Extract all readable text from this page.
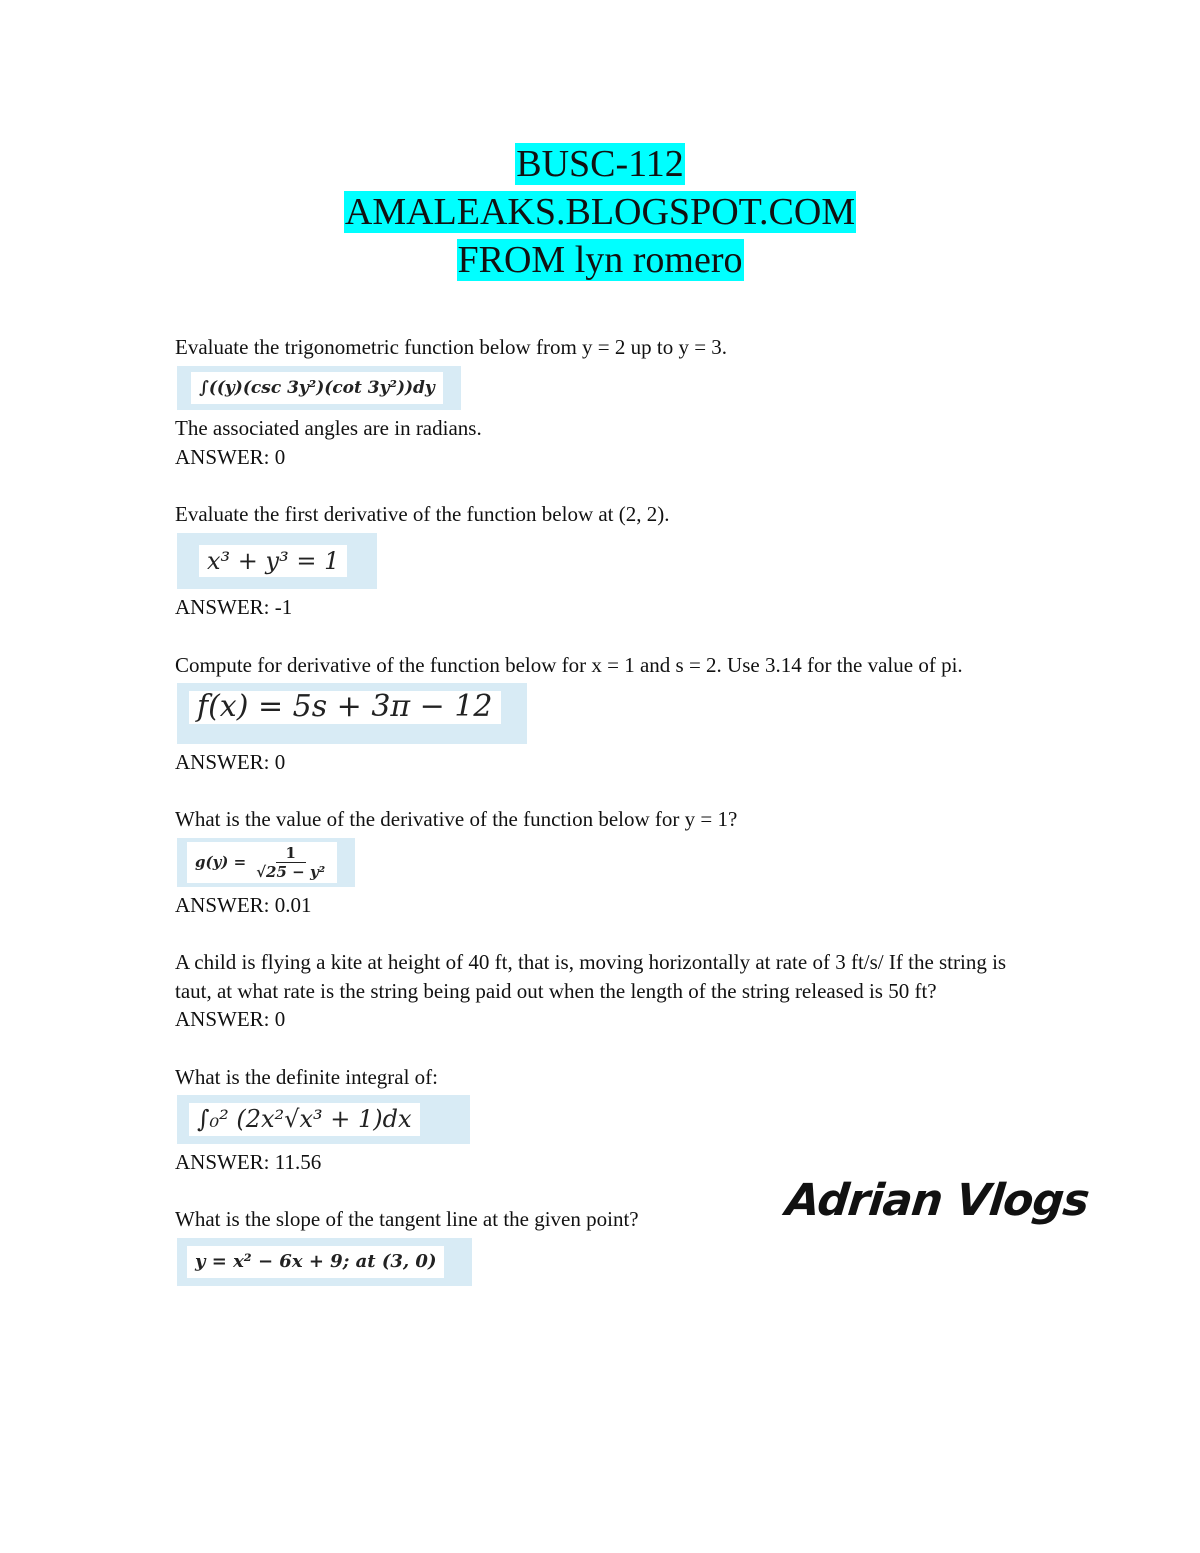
BUSC-112
AMALEAKS.BLOGSPOT.COM
FROM lyn romero

Evaluate the trigonometric function below from y = 2 up to y = 3.

∫((y)(csc 3y²)(cot 3y²))dy

The associated angles are in radians.

ANSWER: 0

Evaluate the first derivative of the function below at (2, 2).

x³ + y³ = 1

ANSWER: -1

Compute for derivative of the function below for x = 1 and s = 2. Use 3.14 for the value of pi.

f(x) = 5s + 3π − 12

ANSWER: 0

What is the value of the derivative of the function below for y = 1?

$g(y) = \frac{1}{\text{√25 − y²}}$

ANSWER: 0.01

A child is flying a kite at height of 40 ft, that is, moving horizontally at rate of 3 ft/s/ If the string is taut, at what rate is the string being paid out when the length of the string released is 50 ft?

ANSWER: 0

What is the definite integral of:

∫₀² (2x²√x³ + 1)dx

ANSWER: 11.56

What is the slope of the tangent line at the given point?

y = x² − 6x + 9; at (3, 0)
Adrian Vlogs
